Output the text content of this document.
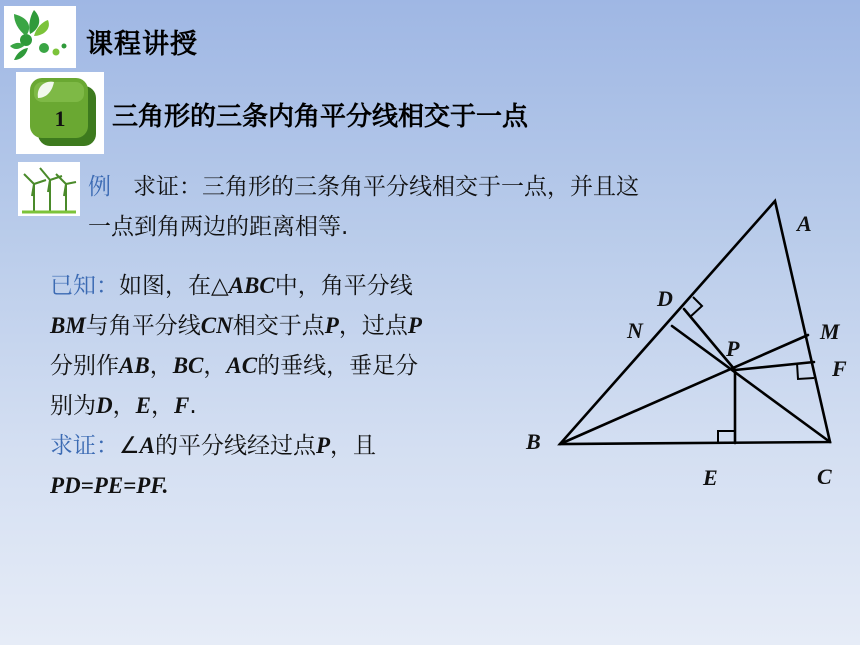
课程讲授
1 三角形的三条内角平分线相交于一点
例 求证：三角形的三条角平分线相交于一点，并且这
一点到角两边的距离相等.
已知：如图，在△ABC中，角平分线
BM与角平分线CN相交于点P，过点P
分别作AB，BC，AC的垂线，垂足分
别为D，E，F.
求证：∠A的平分线经过点P，且
PD=PE=PF.
A
B
C
D
E
F
M
N
P
